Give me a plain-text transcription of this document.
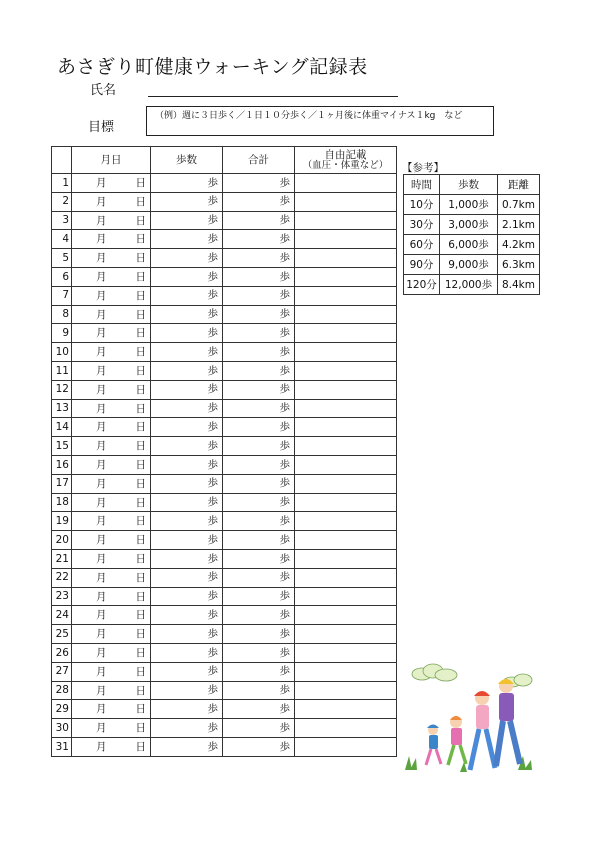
あさぎり町健康ウォーキング記録表
氏名
目標
（例）週に３日歩く／１日１０分歩く／１ヶ月後に体重マイナス１kg　など
	月日	歩数	合計	自由記載
（血圧・体重など）

1	月 日	歩	歩	
2	月 日	歩	歩	
3	月 日	歩	歩	
4	月 日	歩	歩	
5	月 日	歩	歩	
6	月 日	歩	歩	
7	月 日	歩	歩	
8	月 日	歩	歩	
9	月 日	歩	歩	
10	月 日	歩	歩	
11	月 日	歩	歩	
12	月 日	歩	歩	
13	月 日	歩	歩	
14	月 日	歩	歩	
15	月 日	歩	歩	
16	月 日	歩	歩	
17	月 日	歩	歩	
18	月 日	歩	歩	
19	月 日	歩	歩	
20	月 日	歩	歩	
21	月 日	歩	歩	
22	月 日	歩	歩	
23	月 日	歩	歩	
24	月 日	歩	歩	
25	月 日	歩	歩	
26	月 日	歩	歩	
27	月 日	歩	歩	
28	月 日	歩	歩	
29	月 日	歩	歩	
30	月 日	歩	歩	
31	月 日	歩	歩	
【参考】
時間	歩数	距離
10分	1,000歩	0.7km
30分	3,000歩	2.1km
60分	6,000歩	4.2km
90分	9,000歩	6.3km
120分	12,000歩	8.4km
